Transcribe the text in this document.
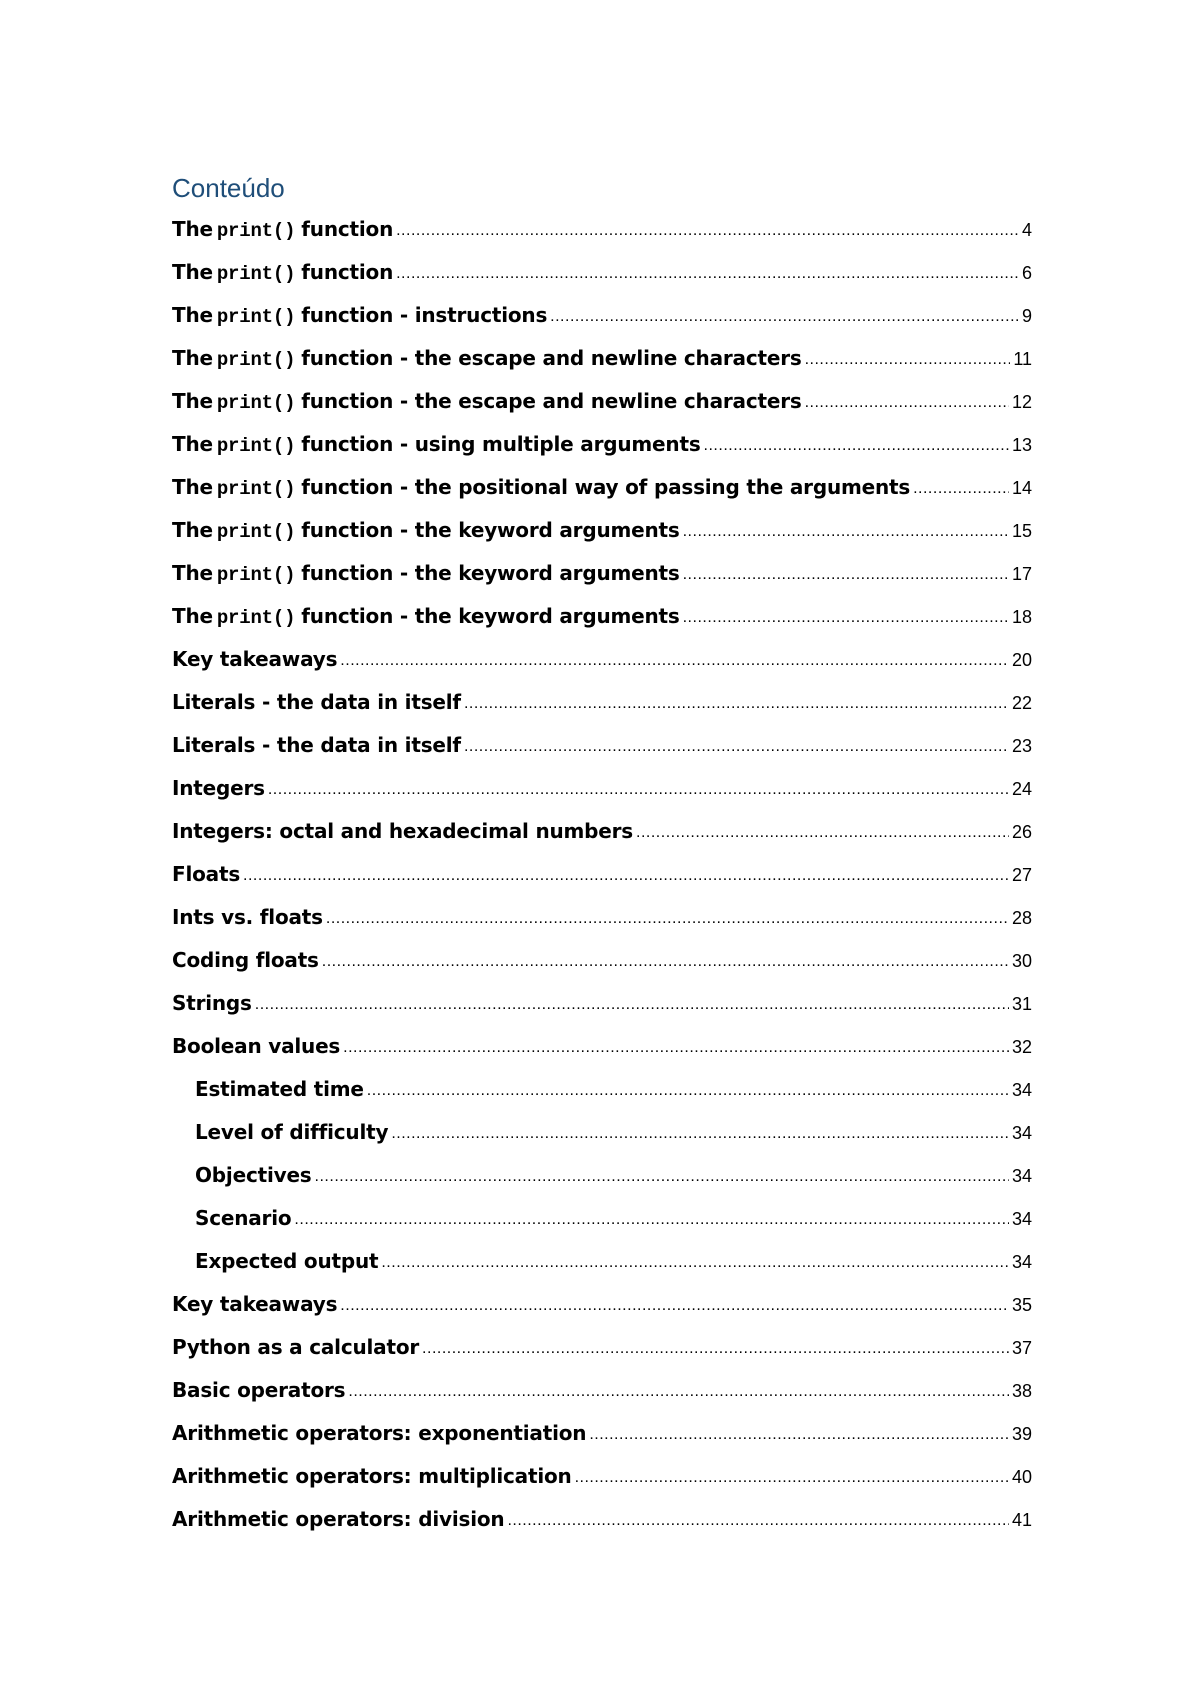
Conteúdo
The print() function .....	4
The print() function .....	6
The print() function - instructions .....	9
The print() function - the escape and newline characters .....	11
The print() function - the escape and newline characters .....	12
The print() function - using multiple arguments .....	13
The print() function - the positional way of passing the arguments .....	14
The print() function - the keyword arguments .....	15
The print() function - the keyword arguments .....	17
The print() function - the keyword arguments .....	18
Key takeaways .....	20
Literals - the data in itself .....	22
Literals - the data in itself .....	23
Integers .....	24
Integers: octal and hexadecimal numbers .....	26
Floats .....	27
Ints vs. floats .....	28
Coding floats .....	30
Strings .....	31
Boolean values .....	32
Estimated time .....	34
Level of difficulty .....	34
Objectives .....	34
Scenario .....	34
Expected output .....	34
Key takeaways .....	35
Python as a calculator .....	37
Basic operators .....	38
Arithmetic operators: exponentiation .....	39
Arithmetic operators: multiplication .....	40
Arithmetic operators: division .....	41
